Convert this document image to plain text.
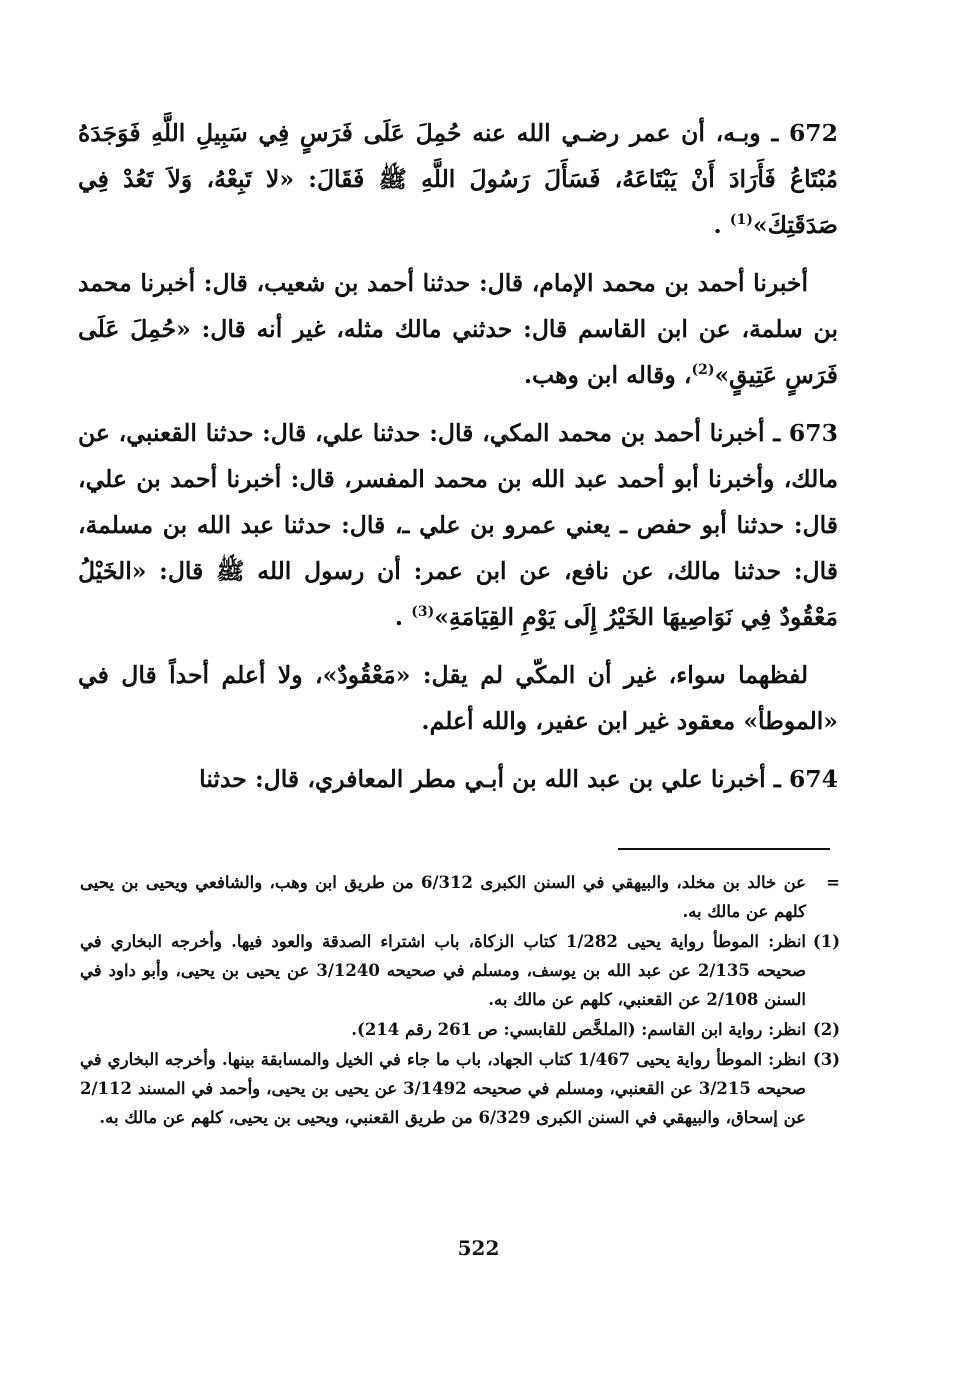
672 ـ وبـه، أن عمر رضـي الله عنه حُمِلَ عَلَى فَرَسٍ فِي سَبِيلِ اللَّهِ فَوَجَدَهُ مُبْتَاعُ فَأَرَادَ أَنْ يَبْتَاعَهُ، فَسَأَلَ رَسُولَ اللَّهِ ﷺ فَقَالَ: «لا تَبِعْهُ، وَلاَ تَعُدْ فِي صَدَقَتِكَ»$^{(1)}$ .

أخبرنا أحمد بن محمد الإمام، قال: حدثنا أحمد بن شعيب، قال: أخبرنا محمد بن سلمة، عن ابن القاسم قال: حدثني مالك مثله، غير أنه قال: «حُمِلَ عَلَى فَرَسٍ عَتِيقٍ»$^{(2)}$، وقاله ابن وهب.

673 ـ أخبرنا أحمد بن محمد المكي، قال: حدثنا علي، قال: حدثنا القعنبي، عن مالك، وأخبرنا أبو أحمد عبد الله بن محمد المفسر، قال: أخبرنا أحمد بن علي، قال: حدثنا أبو حفص ـ يعني عمرو بن علي ـ، قال: حدثنا عبد الله بن مسلمة، قال: حدثنا مالك، عن نافع، عن ابن عمر: أن رسول الله ﷺ قال: «الخَيْلُ مَعْقُودٌ فِي نَوَاصِيهَا الخَيْرُ إِلَى يَوْمِ القِيَامَةِ»$^{(3)}$ .

لفظهما سواء، غير أن المكّي لم يقل: «مَعْقُودٌ»، ولا أعلم أحداً قال في «الموطأ» معقود غير ابن عفير، والله أعلم.

674 ـ أخبرنا علي بن عبد الله بن أبـي مطر المعافري، قال: حدثنا

=
عن خالد بن مخلد، والبيهقي في السنن الكبرى 6/312 من طريق ابن وهب، والشافعي ويحيى بن يحيى كلهم عن مالك به.
(1)
انظر: الموطأ رواية يحيى 1/282 كتاب الزكاة، باب اشتراء الصدقة والعود فيها. وأخرجه البخاري في صحيحه 2/135 عن عبد الله بن يوسف، ومسلم في صحيحه 3/1240 عن يحيى بن يحيى، وأبو داود في السنن 2/108 عن القعنبي، كلهم عن مالك به.
(2)
انظر: رواية ابن القاسم: (الملخَّص للقابسي: ص 261 رقم 214).
(3)
انظر: الموطأ رواية يحيى 1/467 كتاب الجهاد، باب ما جاء في الخيل والمسابقة بينها. وأخرجه البخاري في صحيحه 3/215 عن القعنبي، ومسلم في صحيحه 3/1492 عن يحيى بن يحيى، وأحمد في المسند 2/112 عن إسحاق، والبيهقي في السنن الكبرى 6/329 من طريق القعنبي، ويحيى بن يحيى، كلهم عن مالك به.
522
